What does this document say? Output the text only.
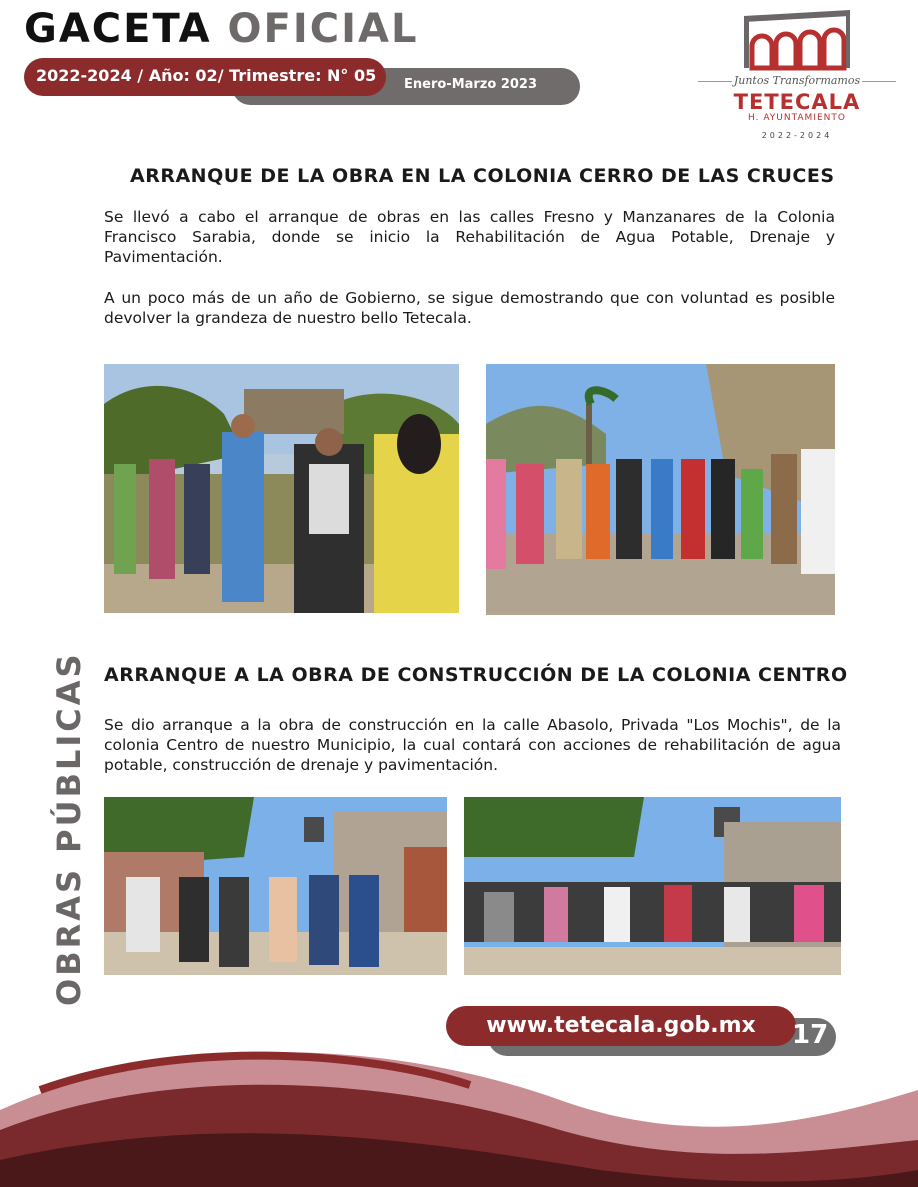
GACETA OFICIAL
Enero-Marzo 2023
2022-2024 / Año: 02/ Trimestre: N° 05	Juntos Transformamos
TETECALA
H. AYUNTAMIENTO
2022-2024
ARRANQUE DE LA OBRA EN LA COLONIA CERRO DE LAS CRUCES
Se llevó a cabo el arranque de obras en las calles Fresno y Manzanares de la Colonia Francisco Sarabia, donde se inicio la Rehabilitación de Agua Potable, Drenaje y Pavimentación.
A un poco más de un año de Gobierno, se sigue demostrando que con voluntad es posible devolver la grandeza de nuestro bello Tetecala.
ARRANQUE A LA OBRA DE CONSTRUCCIÓN DE LA COLONIA CENTRO
Se dio arranque a la obra de construcción en la calle Abasolo, Privada "Los Mochis", de la colonia Centro de nuestro Municipio, la cual contará con acciones de rehabilitación de agua potable, construcción de drenaje y pavimentación.
OBRAS PÚBLICAS
www.tetecala.gob.mx	17
